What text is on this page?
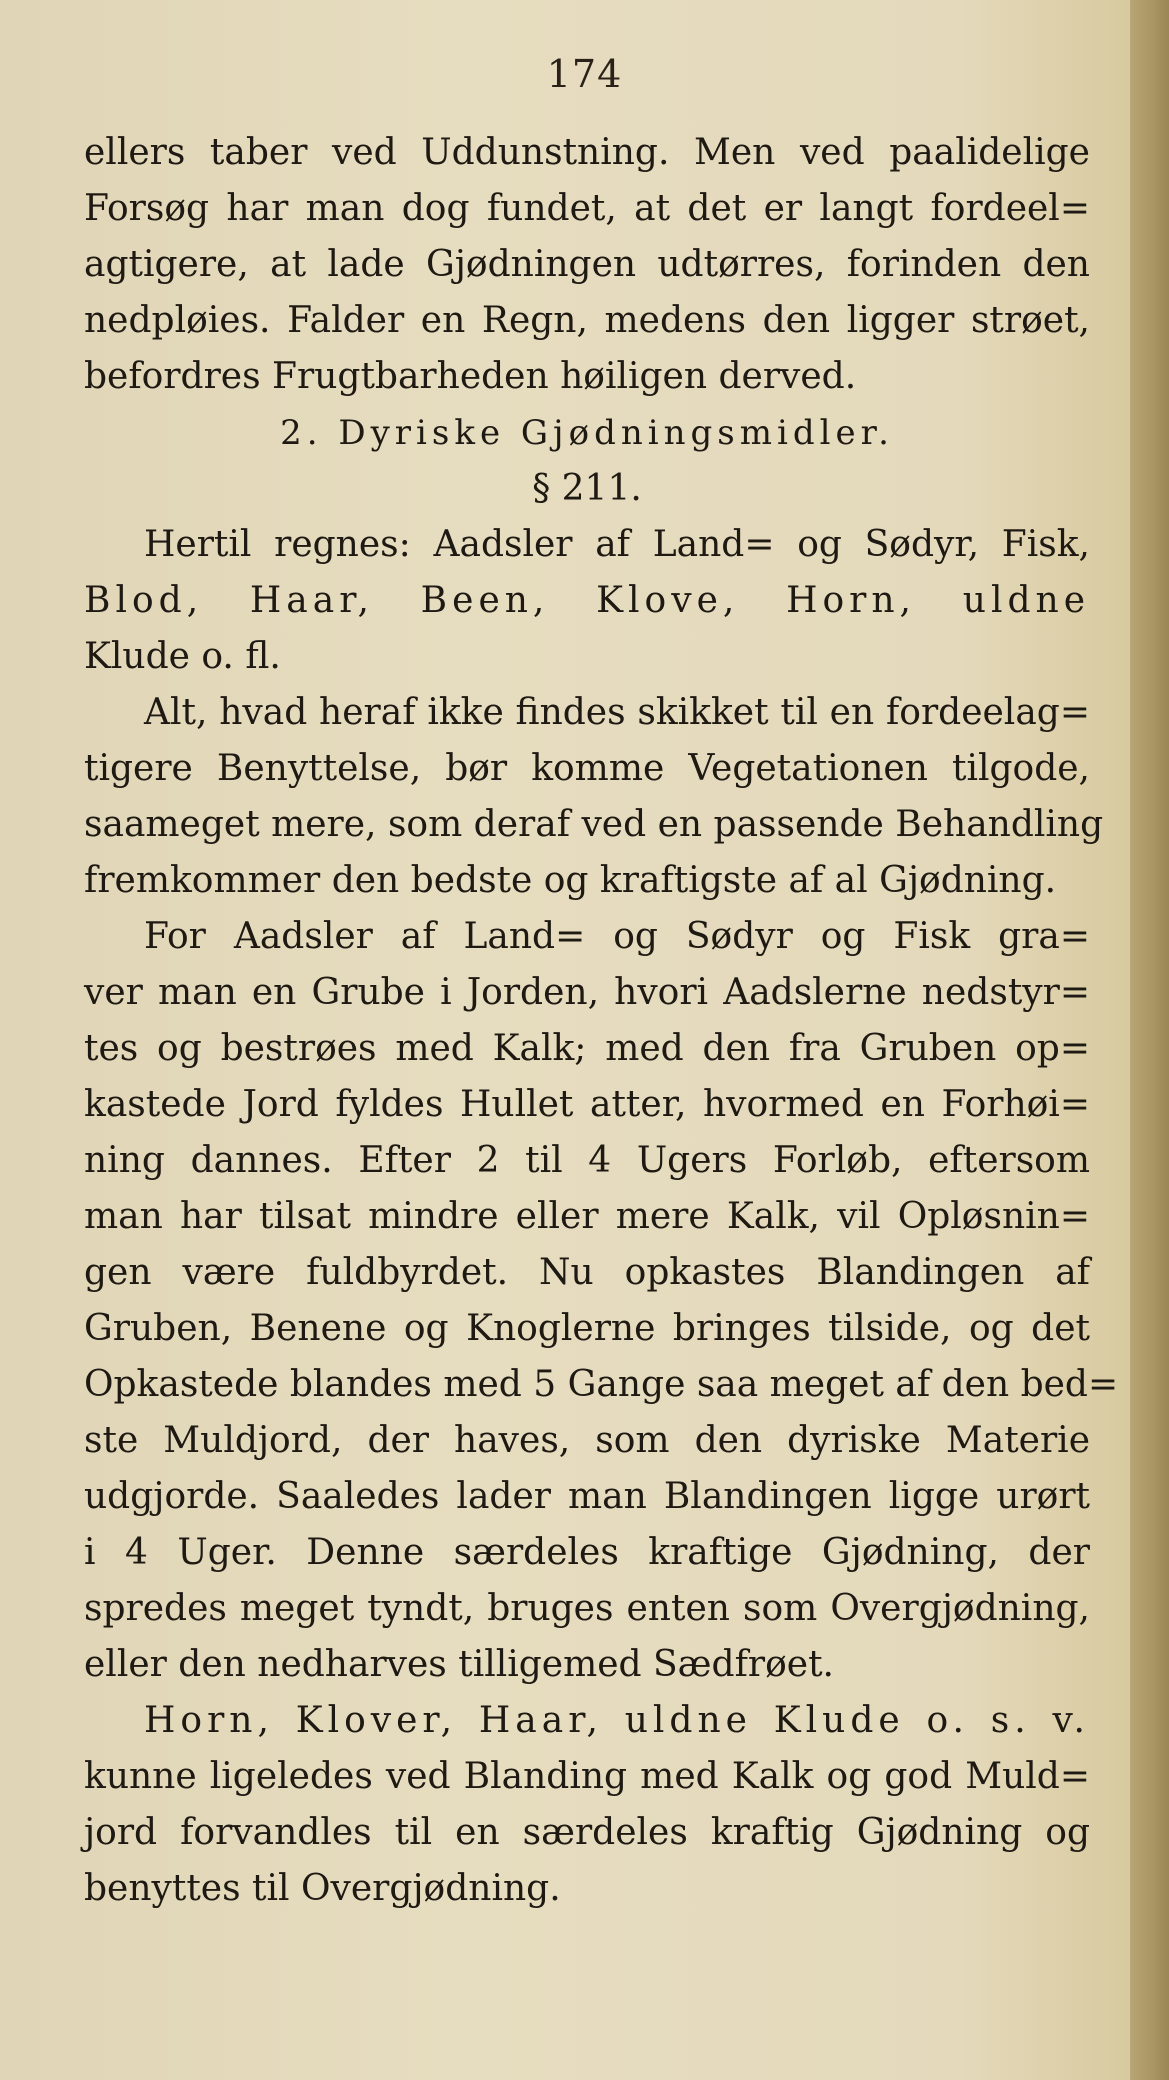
174
ellers taber ved Uddunstning. Men ved paalidelige
Forsøg har man dog fundet, at det er langt fordeel=
agtigere, at lade Gjødningen udtørres, forinden den
nedpløies. Falder en Regn, medens den ligger strøet,
befordres Frugtbarheden høiligen derved.
2. Dyriske Gjødningsmidler.
§ 211.
Hertil regnes: Aadsler af Land= og Sødyr, Fisk,
Blod, Haar, Been, Klove, Horn, uldne
Klude o. fl.
Alt, hvad heraf ikke findes skikket til en fordeelag=
tigere Benyttelse, bør komme Vegetationen tilgode,
saameget mere, som deraf ved en passende Behandling
fremkommer den bedste og kraftigste af al Gjødning.
For Aadsler af Land= og Sødyr og Fisk gra=
ver man en Grube i Jorden, hvori Aadslerne nedstyr=
tes og bestrøes med Kalk; med den fra Gruben op=
kastede Jord fyldes Hullet atter, hvormed en Forhøi=
ning dannes. Efter 2 til 4 Ugers Forløb, eftersom
man har tilsat mindre eller mere Kalk, vil Opløsnin=
gen være fuldbyrdet. Nu opkastes Blandingen af
Gruben, Benene og Knoglerne bringes tilside, og det
Opkastede blandes med 5 Gange saa meget af den bed=
ste Muldjord, der haves, som den dyriske Materie
udgjorde. Saaledes lader man Blandingen ligge urørt
i 4 Uger. Denne særdeles kraftige Gjødning, der
spredes meget tyndt, bruges enten som Overgjødning,
eller den nedharves tilligemed Sædfrøet.
Horn, Klover, Haar, uldne Klude o. s. v.
kunne ligeledes ved Blanding med Kalk og god Muld=
jord forvandles til en særdeles kraftig Gjødning og
benyttes til Overgjødning.
